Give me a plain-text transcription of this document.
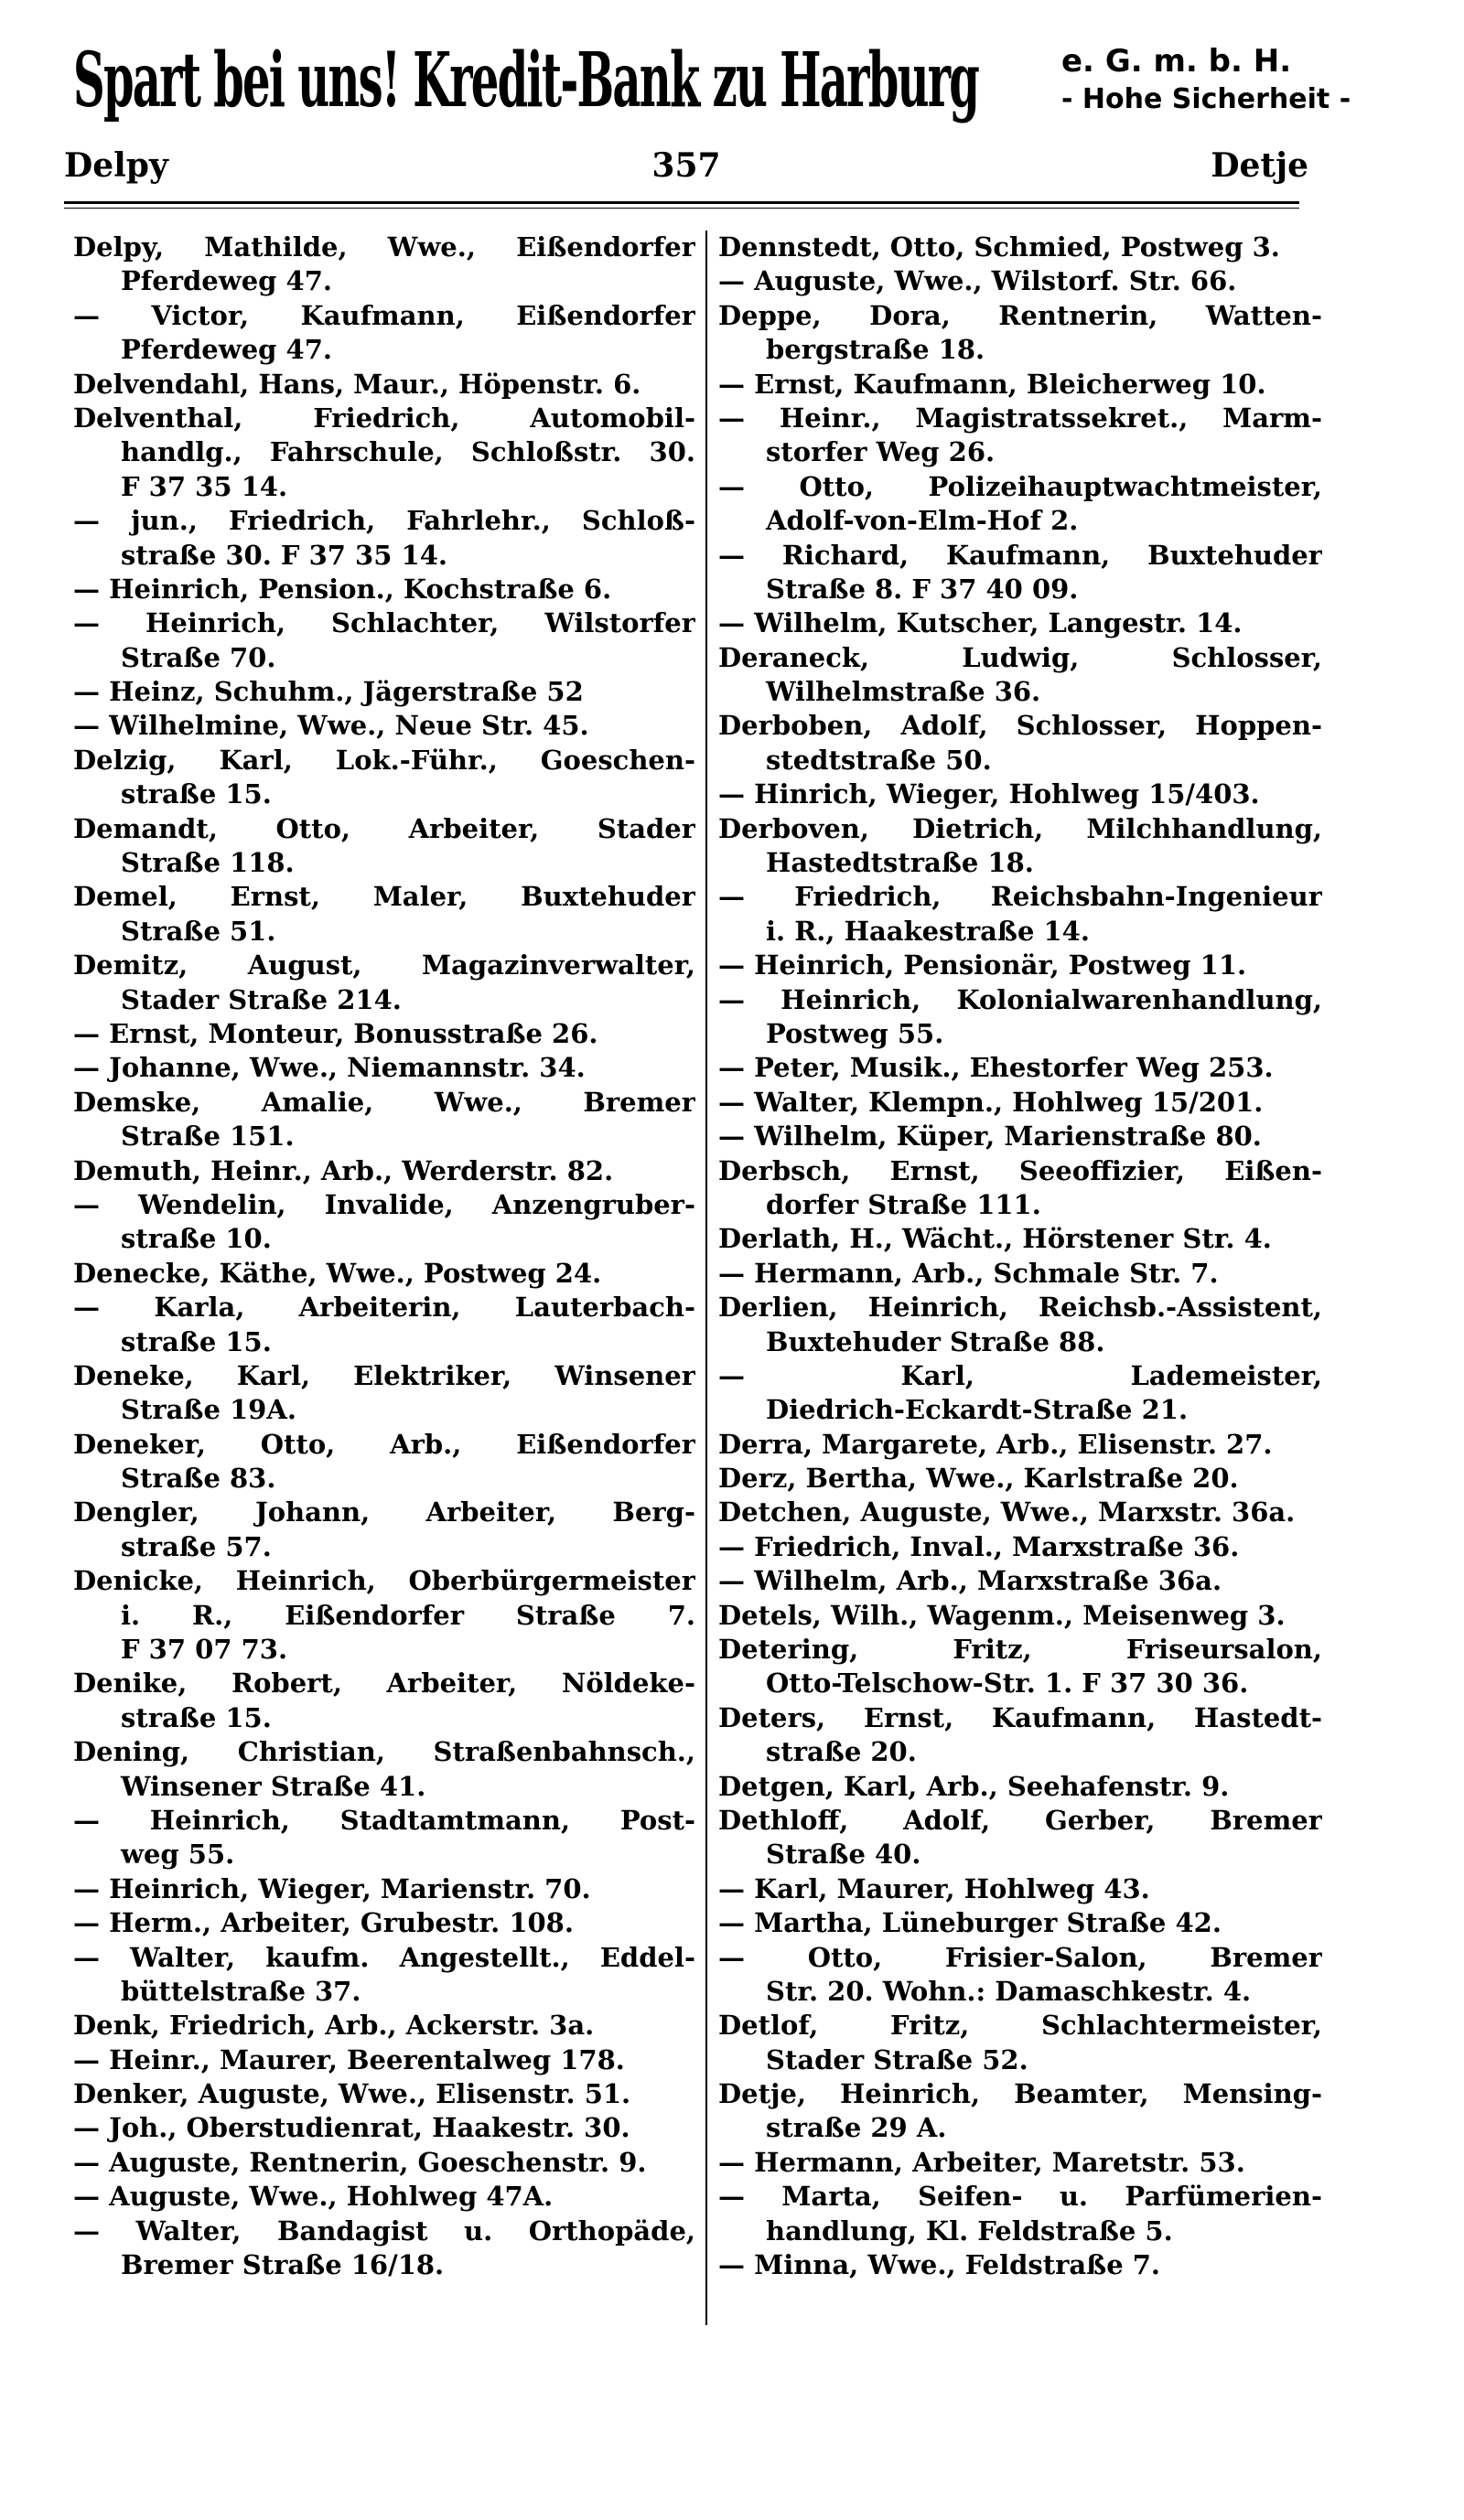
Spart bei uns! Kredit-Bank zu Harburg	e. G. m. b. H.
- Hohe Sicherheit -
Delpy	357	Detje
Delpy, Mathilde, Wwe., Eißendorfer
Pferdeweg 47.
— Victor, Kaufmann, Eißendorfer
Pferdeweg 47.
Delvendahl, Hans, Maur., Höpenstr. 6.
Delventhal, Friedrich, Automobil-
handlg., Fahrschule, Schloßstr. 30.
F 37 35 14.
— jun., Friedrich, Fahrlehr., Schloß-
straße 30. F 37 35 14.
— Heinrich, Pension., Kochstraße 6.
— Heinrich, Schlachter, Wilstorfer
Straße 70.
— Heinz, Schuhm., Jägerstraße 52
— Wilhelmine, Wwe., Neue Str. 45.
Delzig, Karl, Lok.-Führ., Goeschen-
straße 15.
Demandt, Otto, Arbeiter, Stader
Straße 118.
Demel, Ernst, Maler, Buxtehuder
Straße 51.
Demitz, August, Magazinverwalter,
Stader Straße 214.
— Ernst, Monteur, Bonusstraße 26.
— Johanne, Wwe., Niemannstr. 34.
Demske, Amalie, Wwe., Bremer
Straße 151.
Demuth, Heinr., Arb., Werderstr. 82.
— Wendelin, Invalide, Anzengruber-
straße 10.
Denecke, Käthe, Wwe., Postweg 24.
— Karla, Arbeiterin, Lauterbach-
straße 15.
Deneke, Karl, Elektriker, Winsener
Straße 19A.
Deneker, Otto, Arb., Eißendorfer
Straße 83.
Dengler, Johann, Arbeiter, Berg-
straße 57.
Denicke, Heinrich, Oberbürgermeister
i. R., Eißendorfer Straße 7.
F 37 07 73.
Denike, Robert, Arbeiter, Nöldeke-
straße 15.
Dening, Christian, Straßenbahnsch.,
Winsener Straße 41.
— Heinrich, Stadtamtmann, Post-
weg 55.
— Heinrich, Wieger, Marienstr. 70.
— Herm., Arbeiter, Grubestr. 108.
— Walter, kaufm. Angestellt., Eddel-
büttelstraße 37.
Denk, Friedrich, Arb., Ackerstr. 3a.
— Heinr., Maurer, Beerentalweg 178.
Denker, Auguste, Wwe., Elisenstr. 51.
— Joh., Oberstudienrat, Haakestr. 30.
— Auguste, Rentnerin, Goeschenstr. 9.
— Auguste, Wwe., Hohlweg 47A.
— Walter, Bandagist u. Orthopäde,
Bremer Straße 16/18.
Dennstedt, Otto, Schmied, Postweg 3.
— Auguste, Wwe., Wilstorf. Str. 66.
Deppe, Dora, Rentnerin, Watten-
bergstraße 18.
— Ernst, Kaufmann, Bleicherweg 10.
— Heinr., Magistratssekret., Marm-
storfer Weg 26.
— Otto, Polizeihauptwachtmeister,
Adolf-von-Elm-Hof 2.
— Richard, Kaufmann, Buxtehuder
Straße 8. F 37 40 09.
— Wilhelm, Kutscher, Langestr. 14.
Deraneck, Ludwig, Schlosser,
Wilhelmstraße 36.
Derboben, Adolf, Schlosser, Hoppen-
stedtstraße 50.
— Hinrich, Wieger, Hohlweg 15/403.
Derboven, Dietrich, Milchhandlung,
Hastedtstraße 18.
— Friedrich, Reichsbahn-Ingenieur
i. R., Haakestraße 14.
— Heinrich, Pensionär, Postweg 11.
— Heinrich, Kolonialwarenhandlung,
Postweg 55.
— Peter, Musik., Ehestorfer Weg 253.
— Walter, Klempn., Hohlweg 15/201.
— Wilhelm, Küper, Marienstraße 80.
Derbsch, Ernst, Seeoffizier, Eißen-
dorfer Straße 111.
Derlath, H., Wächt., Hörstener Str. 4.
— Hermann, Arb., Schmale Str. 7.
Derlien, Heinrich, Reichsb.-Assistent,
Buxtehuder Straße 88.
— Karl, Lademeister,
Diedrich-Eckardt-Straße 21.
Derra, Margarete, Arb., Elisenstr. 27.
Derz, Bertha, Wwe., Karlstraße 20.
Detchen, Auguste, Wwe., Marxstr. 36a.
— Friedrich, Inval., Marxstraße 36.
— Wilhelm, Arb., Marxstraße 36a.
Detels, Wilh., Wagenm., Meisenweg 3.
Detering, Fritz, Friseursalon,
Otto-Telschow-Str. 1. F 37 30 36.
Deters, Ernst, Kaufmann, Hastedt-
straße 20.
Detgen, Karl, Arb., Seehafenstr. 9.
Dethloff, Adolf, Gerber, Bremer
Straße 40.
— Karl, Maurer, Hohlweg 43.
— Martha, Lüneburger Straße 42.
— Otto, Frisier-Salon, Bremer
Str. 20. Wohn.: Damaschkestr. 4.
Detlof, Fritz, Schlachtermeister,
Stader Straße 52.
Detje, Heinrich, Beamter, Mensing-
straße 29 A.
— Hermann, Arbeiter, Maretstr. 53.
— Marta, Seifen- u. Parfümerien-
handlung, Kl. Feldstraße 5.
— Minna, Wwe., Feldstraße 7.
